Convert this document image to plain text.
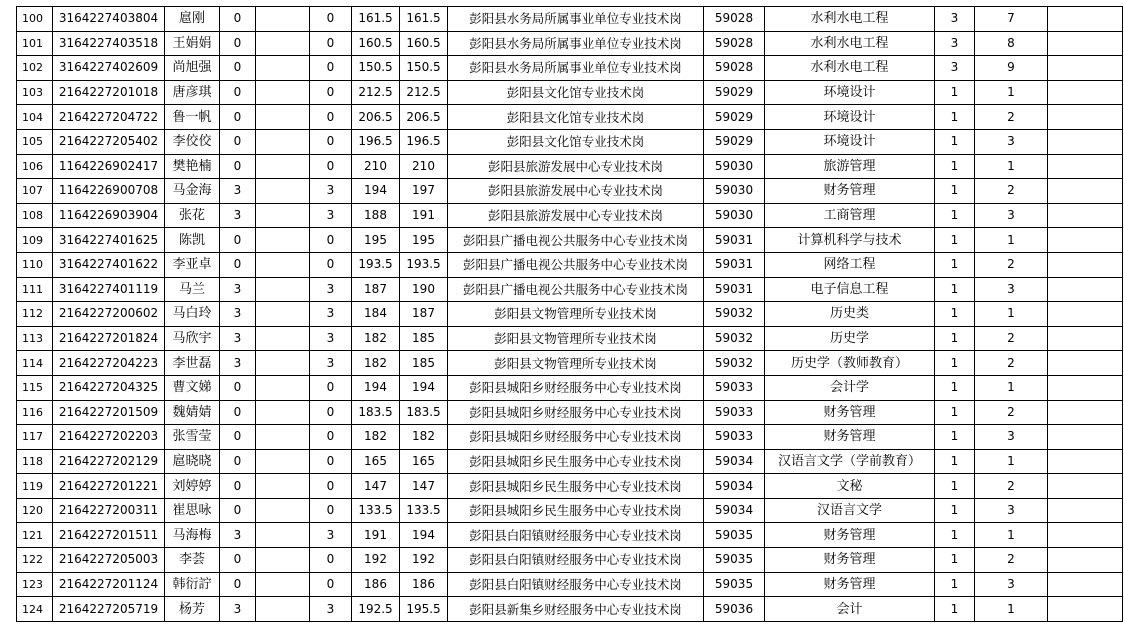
100	3164227403804	扈刚	0		0	161.5	161.5	彭阳县水务局所属事业单位专业技术岗	59028	水利水电工程	3	7	
101	3164227403518	王娟娟	0		0	160.5	160.5	彭阳县水务局所属事业单位专业技术岗	59028	水利水电工程	3	8	
102	3164227402609	尚旭强	0		0	150.5	150.5	彭阳县水务局所属事业单位专业技术岗	59028	水利水电工程	3	9	
103	2164227201018	唐彦琪	0		0	212.5	212.5	彭阳县文化馆专业技术岗	59029	环境设计	1	1	
104	2164227204722	鲁一帆	0		0	206.5	206.5	彭阳县文化馆专业技术岗	59029	环境设计	1	2	
105	2164227205402	李佼佼	0		0	196.5	196.5	彭阳县文化馆专业技术岗	59029	环境设计	1	3	
106	1164226902417	樊艳楠	0		0	210	210	彭阳县旅游发展中心专业技术岗	59030	旅游管理	1	1	
107	1164226900708	马金海	3		3	194	197	彭阳县旅游发展中心专业技术岗	59030	财务管理	1	2	
108	1164226903904	张花	3		3	188	191	彭阳县旅游发展中心专业技术岗	59030	工商管理	1	3	
109	3164227401625	陈凯	0		0	195	195	彭阳县广播电视公共服务中心专业技术岗	59031	计算机科学与技术	1	1	
110	3164227401622	李亚卓	0		0	193.5	193.5	彭阳县广播电视公共服务中心专业技术岗	59031	网络工程	1	2	
111	3164227401119	马兰	3		3	187	190	彭阳县广播电视公共服务中心专业技术岗	59031	电子信息工程	1	3	
112	2164227200602	马白玲	3		3	184	187	彭阳县文物管理所专业技术岗	59032	历史类	1	1	
113	2164227201824	马欣宇	3		3	182	185	彭阳县文物管理所专业技术岗	59032	历史学	1	2	
114	2164227204223	李世磊	3		3	182	185	彭阳县文物管理所专业技术岗	59032	历史学（教师教育）	1	2	
115	2164227204325	曹文娣	0		0	194	194	彭阳县城阳乡财经服务中心专业技术岗	59033	会计学	1	1	
116	2164227201509	魏婧婧	0		0	183.5	183.5	彭阳县城阳乡财经服务中心专业技术岗	59033	财务管理	1	2	
117	2164227202203	张雪莹	0		0	182	182	彭阳县城阳乡财经服务中心专业技术岗	59033	财务管理	1	3	
118	2164227202129	扈晓晓	0		0	165	165	彭阳县城阳乡民生服务中心专业技术岗	59034	汉语言文学（学前教育）	1	1	
119	2164227201221	刘婷婷	0		0	147	147	彭阳县城阳乡民生服务中心专业技术岗	59034	文秘	1	2	
120	2164227200311	崔思咏	0		0	133.5	133.5	彭阳县城阳乡民生服务中心专业技术岗	59034	汉语言文学	1	3	
121	2164227201511	马海梅	3		3	191	194	彭阳县白阳镇财经服务中心专业技术岗	59035	财务管理	1	1	
122	2164227205003	李荟	0		0	192	192	彭阳县白阳镇财经服务中心专业技术岗	59035	财务管理	1	2	
123	2164227201124	韩衍詝	0		0	186	186	彭阳县白阳镇财经服务中心专业技术岗	59035	财务管理	1	3	
124	2164227205719	杨芳	3		3	192.5	195.5	彭阳县新集乡财经服务中心专业技术岗	59036	会计	1	1	
